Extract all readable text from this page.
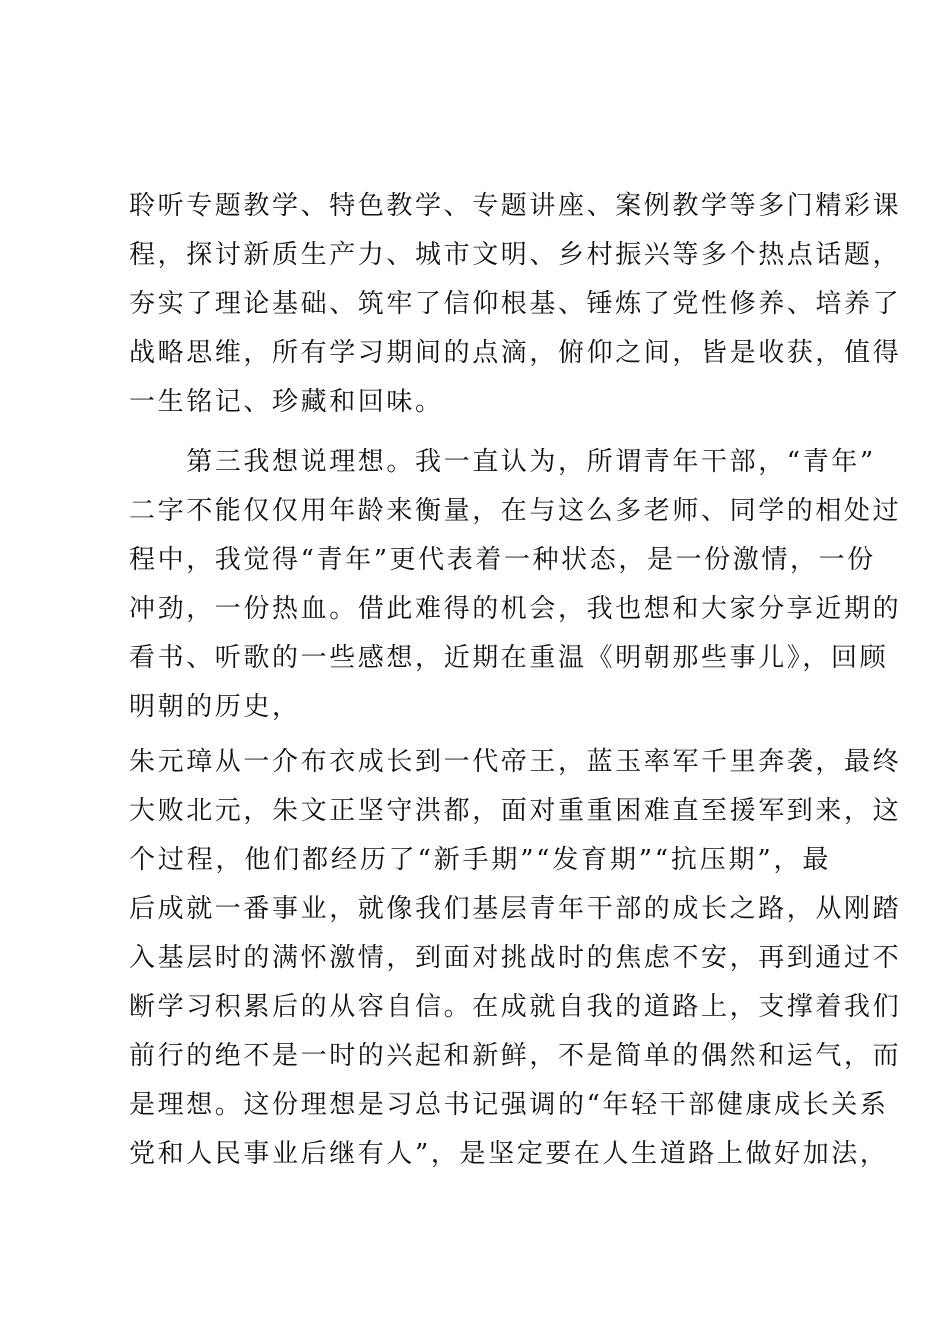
聆听专题教学、特色教学、专题讲座、案例教学等多门精彩课
程，探讨新质生产力、城市文明、乡村振兴等多个热点话题，
夯实了理论基础、筑牢了信仰根基、锤炼了党性修养、培养了
战略思维，所有学习期间的点滴，俯仰之间，皆是收获，值得
一生铭记、珍藏和回味。
　　第三我想说理想。我一直认为，所谓青年干部，“青年”
二字不能仅仅用年龄来衡量，在与这么多老师、同学的相处过
程中，我觉得“青年”更代表着一种状态，是一份激情，一份
冲劲，一份热血。借此难得的机会，我也想和大家分享近期的
看书、听歌的一些感想，近期在重温《明朝那些事儿》，回顾
明朝的历史，
朱元璋从一介布衣成长到一代帝王，蓝玉率军千里奔袭，最终
大败北元，朱文正坚守洪都，面对重重困难直至援军到来，这
个过程，他们都经历了“新手期”“发育期”“抗压期”，最
后成就一番事业，就像我们基层青年干部的成长之路，从刚踏
入基层时的满怀激情，到面对挑战时的焦虑不安，再到通过不
断学习积累后的从容自信。在成就自我的道路上，支撑着我们
前行的绝不是一时的兴起和新鲜，不是简单的偶然和运气，而
是理想。这份理想是习总书记强调的“年轻干部健康成长关系
党和人民事业后继有人”，是坚定要在人生道路上做好加法，
